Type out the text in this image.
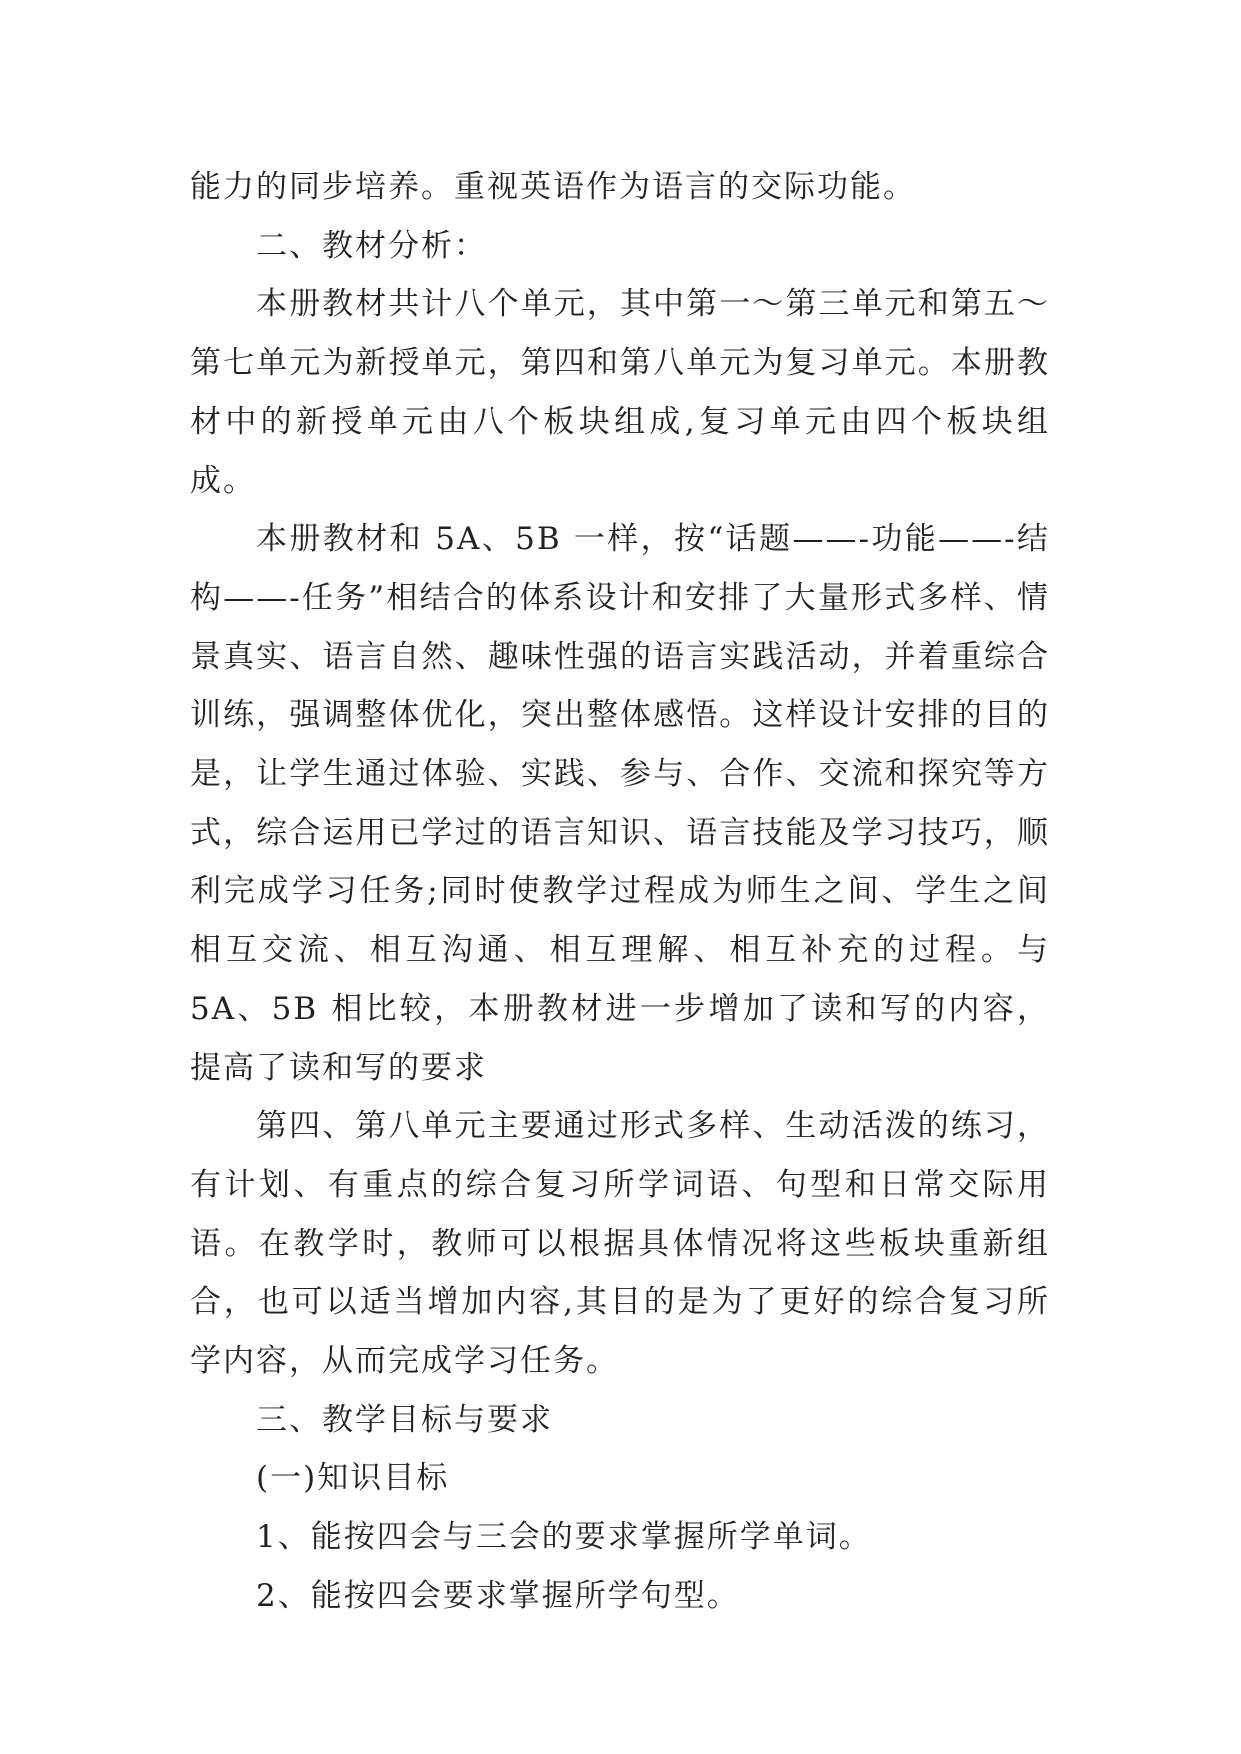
能力的同步培养。重视英语作为语言的交际功能。

二、教材分析：

本册教材共计八个单元，其中第一～第三单元和第五～第七单元为新授单元，第四和第八单元为复习单元。本册教材中的新授单元由八个板块组成,复习单元由四个板块组成。

本册教材和 5A、5B 一样，按“话题——-功能——-结构——-任务”相结合的体系设计和安排了大量形式多样、情景真实、语言自然、趣味性强的语言实践活动，并着重综合训练，强调整体优化，突出整体感悟。这样设计安排的目的是，让学生通过体验、实践、参与、合作、交流和探究等方式，综合运用已学过的语言知识、语言技能及学习技巧，顺利完成学习任务;同时使教学过程成为师生之间、学生之间相互交流、相互沟通、相互理解、相互补充的过程。与 5A、5B 相比较，本册教材进一步增加了读和写的内容，提高了读和写的要求

第四、第八单元主要通过形式多样、生动活泼的练习，有计划、有重点的综合复习所学词语、句型和日常交际用语。在教学时，教师可以根据具体情况将这些板块重新组合，也可以适当增加内容,其目的是为了更好的综合复习所学内容，从而完成学习任务。

三、教学目标与要求

(一)知识目标

1、能按四会与三会的要求掌握所学单词。

2、能按四会要求掌握所学句型。
